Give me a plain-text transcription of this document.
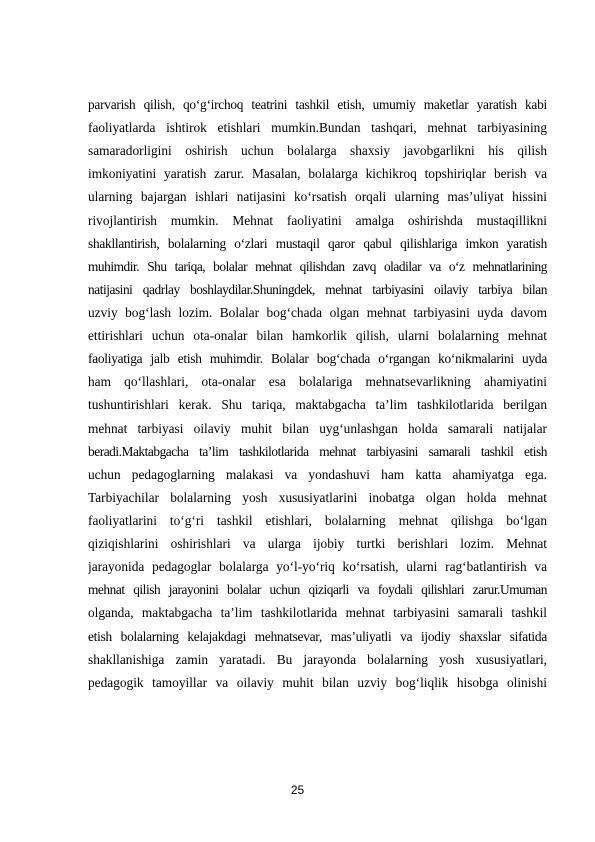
parvarish qilish, qo‘g‘irchoq teatrini tashkil etish, umumiy maketlar yaratish kabi
faoliyatlarda ishtirok etishlari mumkin.Bundan tashqari, mehnat tarbiyasining
samaradorligini oshirish uchun bolalarga shaxsiy javobgarlikni his qilish
imkoniyatini yaratish zarur. Masalan, bolalarga kichikroq topshiriqlar berish va
ularning bajargan ishlari natijasini ko‘rsatish orqali ularning mas’uliyat hissini
rivojlantirish mumkin. Mehnat faoliyatini amalga oshirishda mustaqillikni
shakllantirish, bolalarning o‘zlari mustaqil qaror qabul qilishlariga imkon yaratish
muhimdir. Shu tariqa, bolalar mehnat qilishdan zavq oladilar va o‘z mehnatlarining
natijasini qadrlay boshlaydilar.Shuningdek, mehnat tarbiyasini oilaviy tarbiya bilan
uzviy bog‘lash lozim. Bolalar bog‘chada olgan mehnat tarbiyasini uyda davom
ettirishlari uchun ota-onalar bilan hamkorlik qilish, ularni bolalarning mehnat
faoliyatiga jalb etish muhimdir. Bolalar bog‘chada o‘rgangan ko‘nikmalarini uyda
ham qo‘llashlari, ota-onalar esa bolalariga mehnatsevarlikning ahamiyatini
tushuntirishlari kerak. Shu tariqa, maktabgacha ta’lim tashkilotlarida berilgan
mehnat tarbiyasi oilaviy muhit bilan uyg‘unlashgan holda samarali natijalar
beradi.Maktabgacha ta’lim tashkilotlarida mehnat tarbiyasini samarali tashkil etish
uchun pedagoglarning malakasi va yondashuvi ham katta ahamiyatga ega.
Tarbiyachilar bolalarning yosh xususiyatlarini inobatga olgan holda mehnat
faoliyatlarini to‘g‘ri tashkil etishlari, bolalarning mehnat qilishga bo‘lgan
qiziqishlarini oshirishlari va ularga ijobiy turtki berishlari lozim. Mehnat
jarayonida pedagoglar bolalarga yo‘l-yo‘riq ko‘rsatish, ularni rag‘batlantirish va
mehnat qilish jarayonini bolalar uchun qiziqarli va foydali qilishlari zarur.Umuman
olganda, maktabgacha ta’lim tashkilotlarida mehnat tarbiyasini samarali tashkil
etish bolalarning kelajakdagi mehnatsevar, mas’uliyatli va ijodiy shaxslar sifatida
shakllanishiga zamin yaratadi. Bu jarayonda bolalarning yosh xususiyatlari,
pedagogik tamoyillar va oilaviy muhit bilan uzviy bog‘liqlik hisobga olinishi
25
